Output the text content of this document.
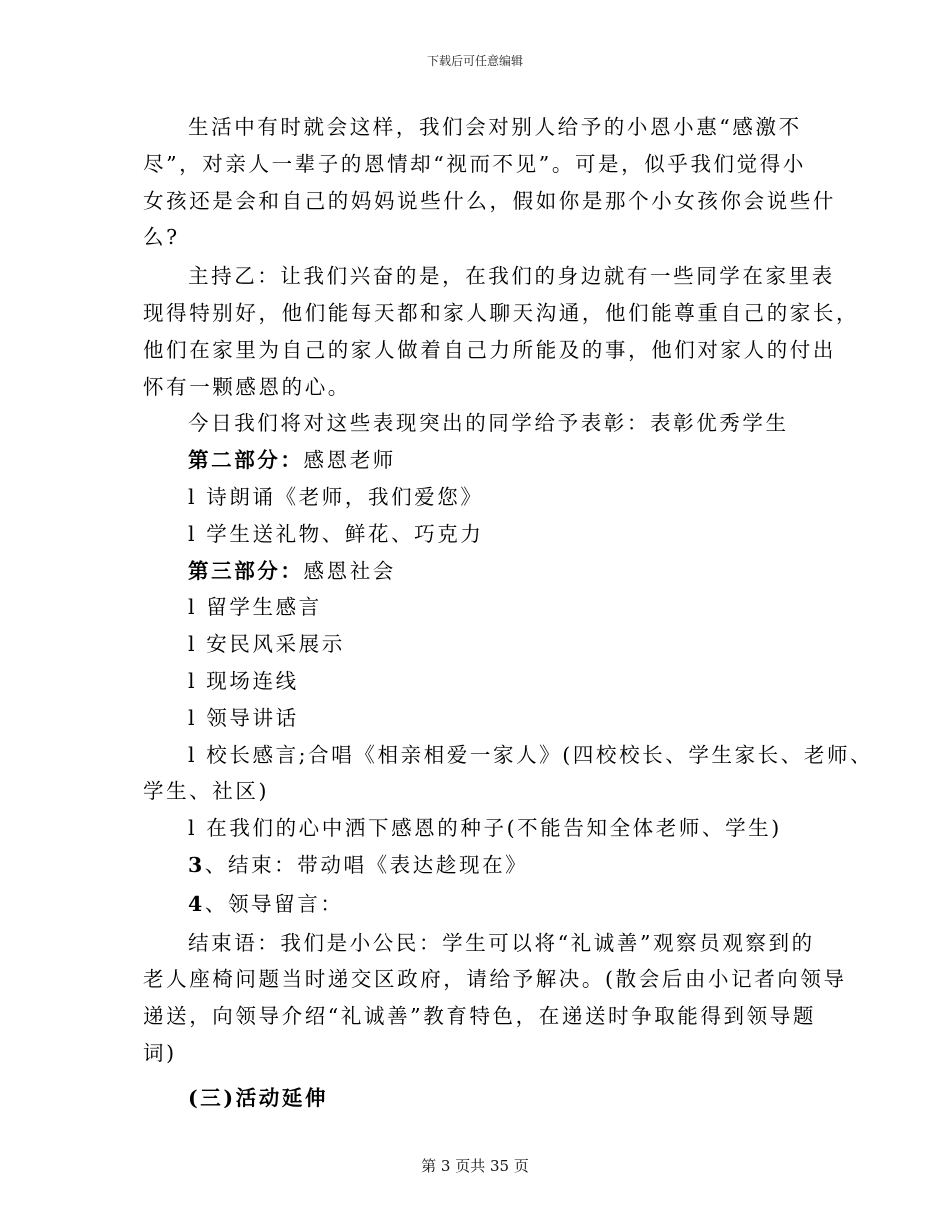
下载后可任意编辑
生活中有时就会这样，我们会对别人给予的小恩小惠“感激不
尽”，对亲人一辈子的恩情却“视而不见”。可是，似乎我们觉得小
女孩还是会和自己的妈妈说些什么，假如你是那个小女孩你会说些什
么?
主持乙：让我们兴奋的是，在我们的身边就有一些同学在家里表
现得特别好，他们能每天都和家人聊天沟通，他们能尊重自己的家长，
他们在家里为自己的家人做着自己力所能及的事，他们对家人的付出
怀有一颗感恩的心。
今日我们将对这些表现突出的同学给予表彰：表彰优秀学生
第二部分：感恩老师
l 诗朗诵《老师，我们爱您》
l 学生送礼物、鲜花、巧克力
第三部分：感恩社会
l 留学生感言
l 安民风采展示
l 现场连线
l 领导讲话
l 校长感言;合唱《相亲相爱一家人》(四校校长、学生家长、老师、
学生、社区)
l 在我们的心中洒下感恩的种子(不能告知全体老师、学生)
3、结束：带动唱《表达趁现在》
4、领导留言：
结束语：我们是小公民：学生可以将“礼诚善”观察员观察到的
老人座椅问题当时递交区政府，请给予解决。(散会后由小记者向领导
递送，向领导介绍“礼诚善”教育特色，在递送时争取能得到领导题
词)
(三)活动延伸
第 3 页共 35 页
